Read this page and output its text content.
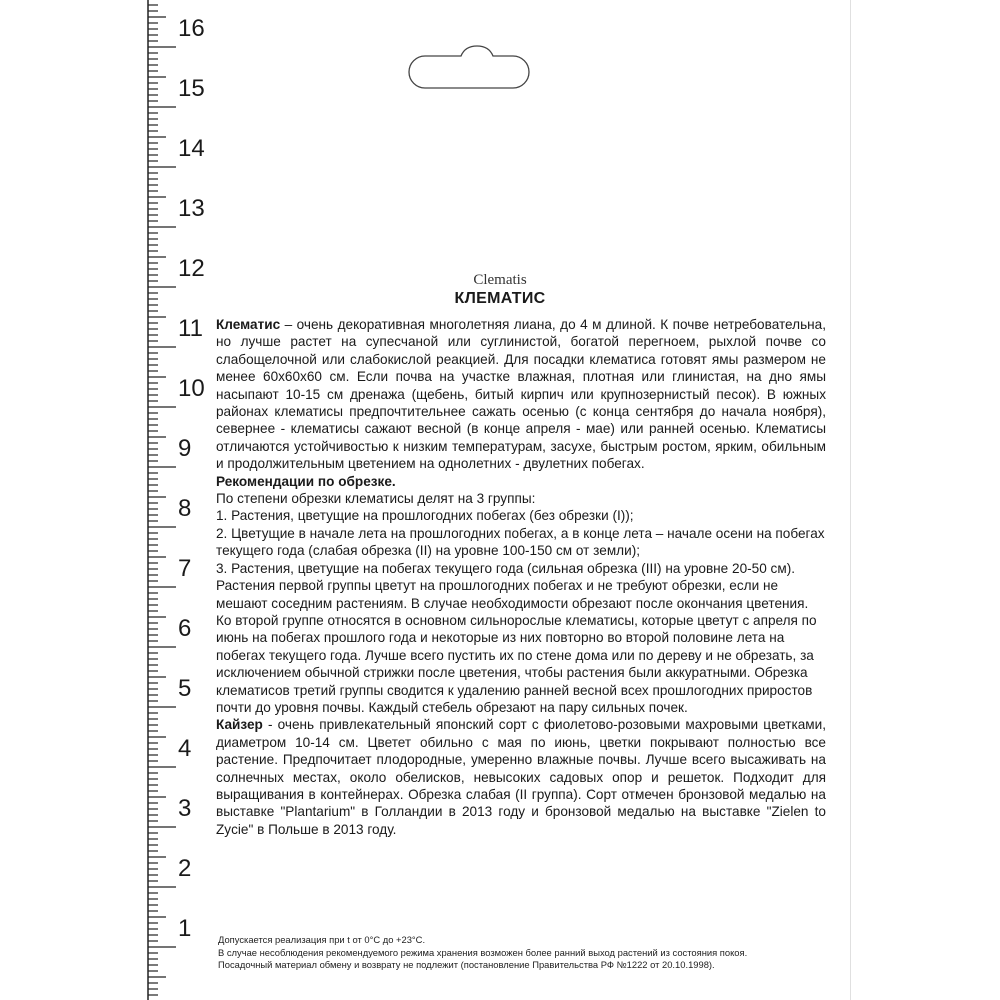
16
15
14
13
12
11
10
9
8
7
6
5
4
3
2
1
Clematis
КЛЕМАТИС

Клематис – очень декоративная многолетняя лиана, до 4 м длиной. К почве нетребовательна, но лучше растет на супесчаной или суглинистой, богатой перегноем, рыхлой почве со слабощелочной или слабокислой реакцией. Для посадки клематиса готовят ямы размером не менее 60х60х60 см. Если почва на участке влажная, плотная или глинистая, на дно ямы насыпают 10-15 см дренажа (щебень, битый кирпич или крупнозернистый песок). В южных районах клематисы предпочтительнее сажать осенью (с конца сентября до начала ноября), севернее - клематисы сажают весной (в конце апреля - мае) или ранней осенью. Клематисы отличаются устойчивостью к низким температурам, засухе, быстрым ростом, ярким, обильным и продолжительным цветением на однолетних - двулетних побегах.

Рекомендации по обрезке.

По степени обрезки клематисы делят на 3 группы:

1. Растения, цветущие на прошлогодних побегах (без обрезки (I));

2. Цветущие в начале лета на прошлогодних побегах, а в конце лета – начале осени на побегах текущего года (слабая обрезка (II) на уровне 100-150 см от земли);

3. Растения, цветущие на побегах текущего года (сильная обрезка (III) на уровне 20-50 см).

Растения первой группы цветут на прошлогодних побегах и не требуют обрезки, если не мешают соседним растениям. В случае необходимости обрезают после окончания цветения. Ко второй группе относятся в основном сильнорослые клематисы, которые цветут с апреля по июнь на побегах прошлого года и некоторые из них повторно во второй половине лета на побегах текущего года. Лучше всего пустить их по стене дома или по дереву и не обрезать, за исключением обычной стрижки после цветения, чтобы растения были аккуратными. Обрезка клематисов третий группы сводится к удалению ранней весной всех прошлогодних приростов почти до уровня почвы. Каждый стебель обрезают на пару сильных почек.

Кайзер - очень привлекательный японский сорт с фиолетово-розовыми махровыми цветками, диаметром 10-14 см. Цветет обильно с мая по июнь, цветки покрывают полностью все растение. Предпочитает плодородные, умеренно влажные почвы. Лучше всего высаживать на солнечных местах, около обелисков, невысоких садовых опор и решеток. Подходит для выращивания в контейнерах. Обрезка слабая (II группа). Сорт отмечен бронзовой медалью на выставке "Plantarium" в Голландии в 2013 году и бронзовой медалью на выставке "Zielen to Zycie" в Польше в 2013 году.

Допускается реализация при t от 0°С до +23°С.
В случае несоблюдения рекомендуемого режима хранения возможен более ранний выход растений из состояния покоя.
Посадочный материал обмену и возврату не подлежит (постановление Правительства РФ №1222 от 20.10.1998).
